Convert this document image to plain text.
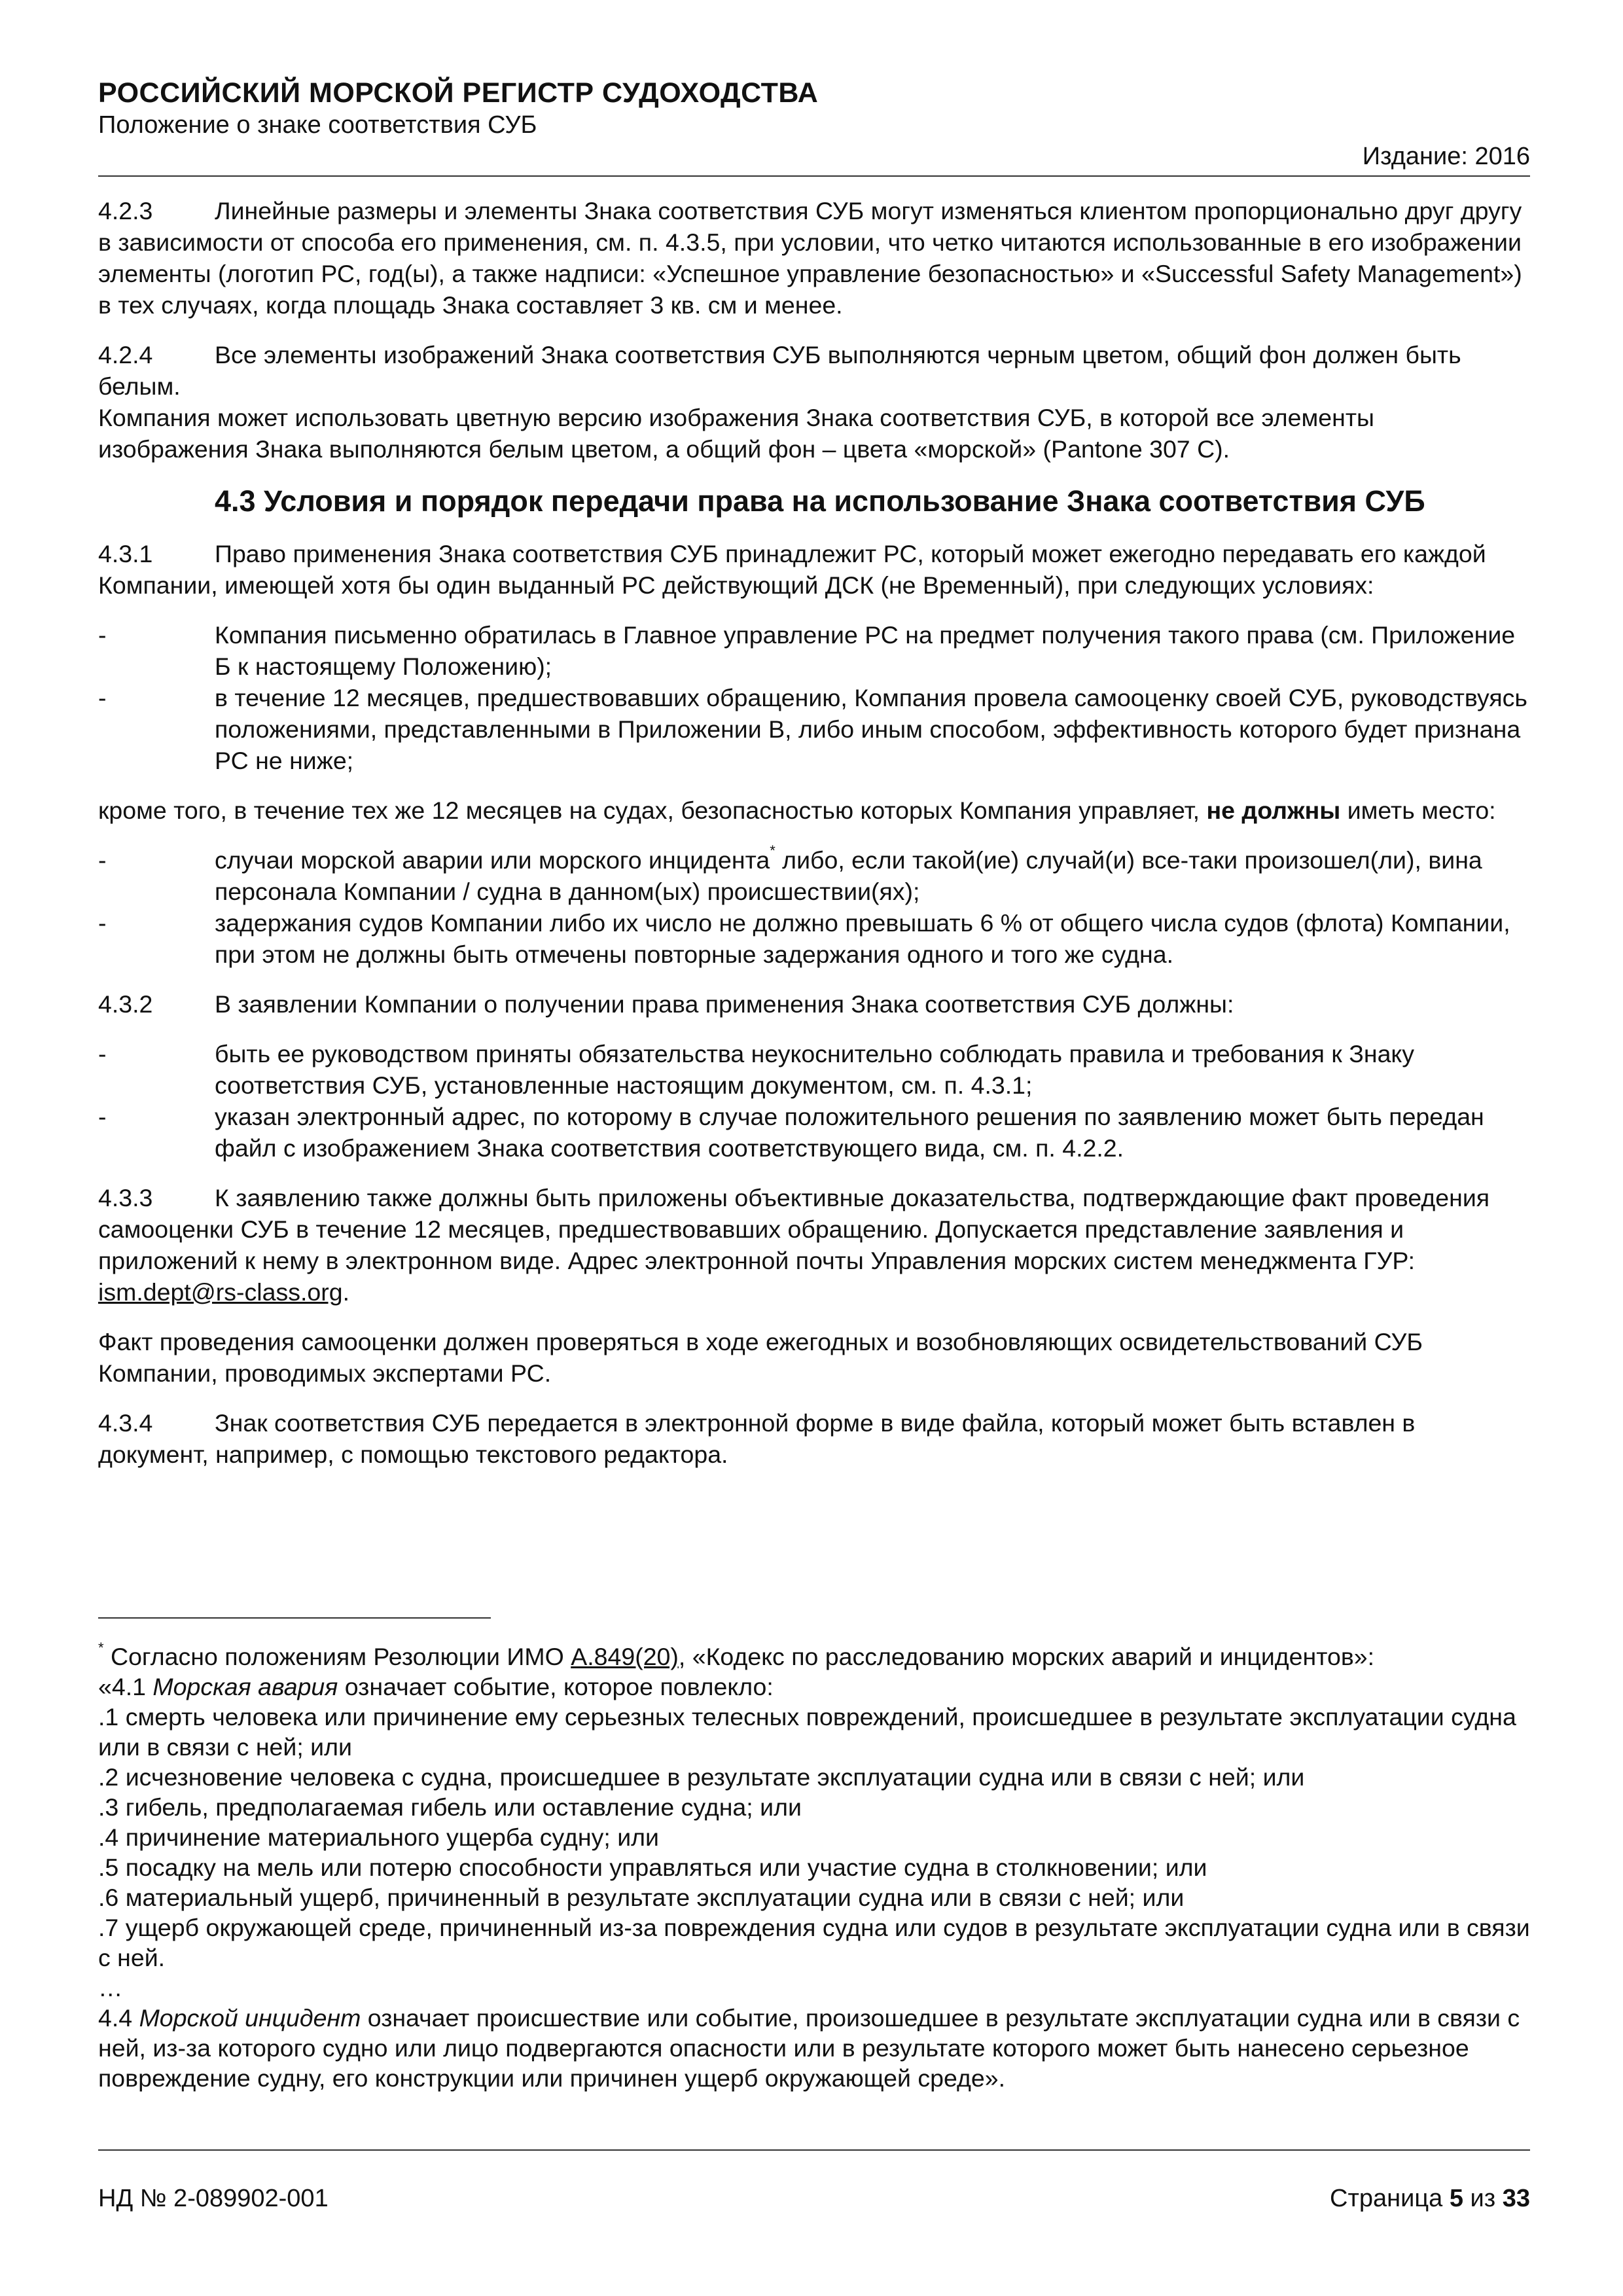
РОССИЙСКИЙ МОРСКОЙ РЕГИСТР СУДОХОДСТВА
Положение о знаке соответствия СУБ
Издание: 2016

4.2.3	Линейные размеры и элементы Знака соответствия СУБ могут изменяться клиентом пропорционально друг другу в зависимости от способа его применения, см. п. 4.3.5, при условии, что четко читаются использованные в его изображении элементы (логотип РС, год(ы), а также надписи: «Успешное управление безопасностью» и «Successful Safety Management») в тех случаях, когда площадь Знака составляет 3 кв. см и менее.

4.2.4	Все элементы изображений Знака соответствия СУБ выполняются черным цветом, общий фон должен быть белым.

Компания может использовать цветную версию изображения Знака соответствия СУБ, в которой все элементы изображения Знака выполняются белым цветом, а общий фон – цвета «морской» (Pantone 307 С).

4.3 Условия и порядок передачи права на использование Знака соответствия СУБ

4.3.1	Право применения Знака соответствия СУБ принадлежит РС, который может ежегодно передавать его каждой Компании, имеющей хотя бы один выданный РС действующий ДСК (не Временный), при следующих условиях:

-	Компания письменно обратилась в Главное управление РС на предмет получения такого права (см. Приложение Б к настоящему Положению);

-	в течение 12 месяцев, предшествовавших обращению, Компания провела самооценку своей СУБ, руководствуясь положениями, представленными в Приложении В, либо иным способом, эффективность которого будет признана РС не ниже;

кроме того, в течение тех же 12 месяцев на судах, безопасностью которых Компания управляет, не должны иметь место:

-	случаи морской аварии или морского инцидента* либо, если такой(ие) случай(и) все-таки произошел(ли), вина персонала Компании / судна в данном(ых) происшествии(ях);

-	задержания судов Компании либо их число не должно превышать 6 % от общего числа судов (флота) Компании, при этом не должны быть отмечены повторные задержания одного и того же судна.

4.3.2	В заявлении Компании о получении права применения Знака соответствия СУБ должны:

-	быть ее руководством приняты обязательства неукоснительно соблюдать правила и требования к Знаку соответствия СУБ, установленные настоящим документом, см. п. 4.3.1;

-	указан электронный адрес, по которому в случае положительного решения по заявлению может быть передан файл с изображением Знака соответствия соответствующего вида, см. п. 4.2.2.

4.3.3	К заявлению также должны быть приложены объективные доказательства, подтверждающие факт проведения самооценки СУБ в течение 12 месяцев, предшествовавших обращению. Допускается представление заявления и приложений к нему в электронном виде. Адрес электронной почты Управления морских систем менеджмента ГУР: ism.dept@rs-class.org.

Факт проведения самооценки должен проверяться в ходе ежегодных и возобновляющих освидетельствований СУБ Компании, проводимых экспертами РС.

4.3.4	Знак соответствия СУБ передается в электронной форме в виде файла, который может быть вставлен в документ, например, с помощью текстового редактора.

* Согласно положениям Резолюции ИМО A.849(20), «Кодекс по расследованию морских аварий и инцидентов»:

«4.1 Морская авария означает событие, которое повлекло:

.1 смерть человека или причинение ему серьезных телесных повреждений, происшедшее в результате эксплуатации судна или в связи с ней; или

.2 исчезновение человека с судна, происшедшее в результате эксплуатации судна или в связи с ней; или

.3 гибель, предполагаемая гибель или оставление судна; или

.4 причинение материального ущерба судну; или

.5 посадку на мель или потерю способности управляться или участие судна в столкновении; или

.6 материальный ущерб, причиненный в результате эксплуатации судна или в связи с ней; или

.7 ущерб окружающей среде, причиненный из-за повреждения судна или судов в результате эксплуатации судна или в связи с ней.

…

4.4 Морской инцидент означает происшествие или событие, произошедшее в результате эксплуатации судна или в связи с ней, из-за которого судно или лицо подвергаются опасности или в результате которого может быть нанесено серьезное повреждение судну, его конструкции или причинен ущерб окружающей среде».

НД № 2-089902-001	Страница 5 из 33
